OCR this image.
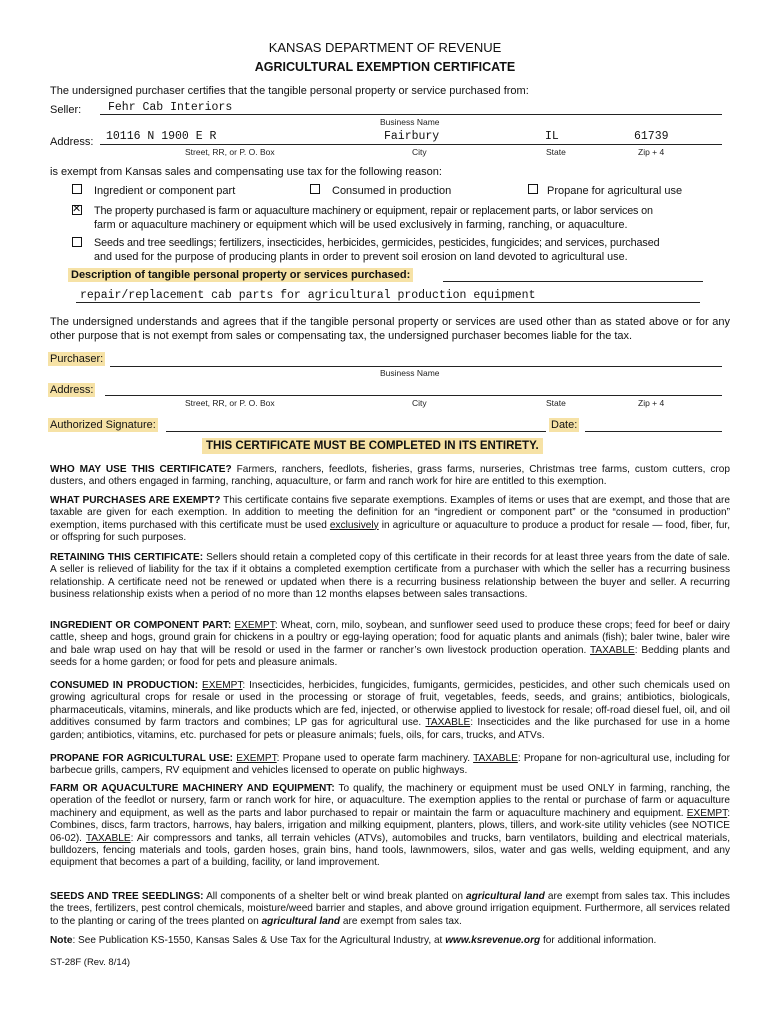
KANSAS DEPARTMENT OF REVENUE
AGRICULTURAL EXEMPTION CERTIFICATE
The undersigned purchaser certifies that the tangible personal property or service purchased from:
Seller: Fehr Cab Interiors
Business Name
Address: 10116 N 1900 E R	Fairbury	IL	61739
Street, RR, or P. O. Box	City	State	Zip + 4
is exempt from Kansas sales and compensating use tax for the following reason:
Ingredient or component part	Consumed in production	Propane for agricultural use
✕
The property purchased is farm or aquaculture machinery or equipment, repair or replacement parts, or labor services on
farm or aquaculture machinery or equipment which will be used exclusively in farming, ranching, or aquaculture.
Seeds and tree seedlings; fertilizers, insecticides, herbicides, germicides, pesticides, fungicides; and services, purchased
and used for the purpose of producing plants in order to prevent soil erosion on land devoted to agricultural use.
Description of tangible personal property or services purchased:
repair/replacement cab parts for agricultural production equipment
The undersigned understands and agrees that if the tangible personal property or services are used other than as stated above or for any other purpose that is not exempt from sales or compensating tax, the undersigned purchaser becomes liable for the tax.
Purchaser:
Business Name
Address:
Street, RR, or P. O. Box	City	State	Zip + 4
Authorized Signature:	Date:
THIS CERTIFICATE MUST BE COMPLETED IN ITS ENTIRETY.
WHO MAY USE THIS CERTIFICATE? Farmers, ranchers, feedlots, fisheries, grass farms, nurseries, Christmas tree farms, custom cutters, crop dusters, and others engaged in farming, ranching, aquaculture, or farm and ranch work for hire are entitled to this exemption.
WHAT PURCHASES ARE EXEMPT? This certificate contains five separate exemptions. Examples of items or uses that are exempt, and those that are taxable are given for each exemption. In addition to meeting the definition for an “ingredient or component part” or the “consumed in production” exemption, items purchased with this certificate must be used exclusively in agriculture or aquaculture to produce a product for resale — food, fiber, fur, or offspring for such purposes.
RETAINING THIS CERTIFICATE: Sellers should retain a completed copy of this certificate in their records for at least three years from the date of sale. A seller is relieved of liability for the tax if it obtains a completed exemption certificate from a purchaser with which the seller has a recurring business relationship. A certificate need not be renewed or updated when there is a recurring business relationship between the buyer and seller. A recurring business relationship exists when a period of no more than 12 months elapses between sales transactions.
INGREDIENT OR COMPONENT PART: EXEMPT: Wheat, corn, milo, soybean, and sunflower seed used to produce these crops; feed for beef or dairy cattle, sheep and hogs, ground grain for chickens in a poultry or egg-laying operation; food for aquatic plants and animals (fish); baler twine, baler wire and bale wrap used on hay that will be resold or used in the farmer or rancher’s own livestock production operation. TAXABLE: Bedding plants and seeds for a home garden; or food for pets and pleasure animals.
CONSUMED IN PRODUCTION: EXEMPT: Insecticides, herbicides, fungicides, fumigants, germicides, pesticides, and other such chemicals used on growing agricultural crops for resale or used in the processing or storage of fruit, vegetables, feeds, seeds, and grains; antibiotics, biologicals, pharmaceuticals, vitamins, minerals, and like products which are fed, injected, or otherwise applied to livestock for resale; off-road diesel fuel, oil, and oil additives consumed by farm tractors and combines; LP gas for agricultural use. TAXABLE: Insecticides and the like purchased for use in a home garden; antibiotics, vitamins, etc. purchased for pets or pleasure animals; fuels, oils, for cars, trucks, and ATVs.
PROPANE FOR AGRICULTURAL USE: EXEMPT: Propane used to operate farm machinery. TAXABLE: Propane for non-agricultural use, including for barbecue grills, campers, RV equipment and vehicles licensed to operate on public highways.
FARM OR AQUACULTURE MACHINERY AND EQUIPMENT: To qualify, the machinery or equipment must be used ONLY in farming, ranching, the operation of the feedlot or nursery, farm or ranch work for hire, or aquaculture. The exemption applies to the rental or purchase of farm or aquaculture machinery and equipment, as well as the parts and labor purchased to repair or maintain the farm or aquaculture machinery and equipment. EXEMPT: Combines, discs, farm tractors, harrows, hay balers, irrigation and milking equipment, planters, plows, tillers, and work-site utility vehicles (see NOTICE 06-02). TAXABLE: Air compressors and tanks, all terrain vehicles (ATVs), automobiles and trucks, barn ventilators, building and electrical materials, bulldozers, fencing materials and tools, garden hoses, grain bins, hand tools, lawnmowers, silos, water and gas wells, welding equipment, and any equipment that becomes a part of a building, facility, or land improvement.
SEEDS AND TREE SEEDLINGS: All components of a shelter belt or wind break planted on agricultural land are exempt from sales tax. This includes the trees, fertilizers, pest control chemicals, moisture/weed barrier and staples, and above ground irrigation equipment. Furthermore, all services related to the planting or caring of the trees planted on agricultural land are exempt from sales tax.
Note: See Publication KS-1550, Kansas Sales & Use Tax for the Agricultural Industry, at www.ksrevenue.org for additional information.
ST-28F (Rev. 8/14)
